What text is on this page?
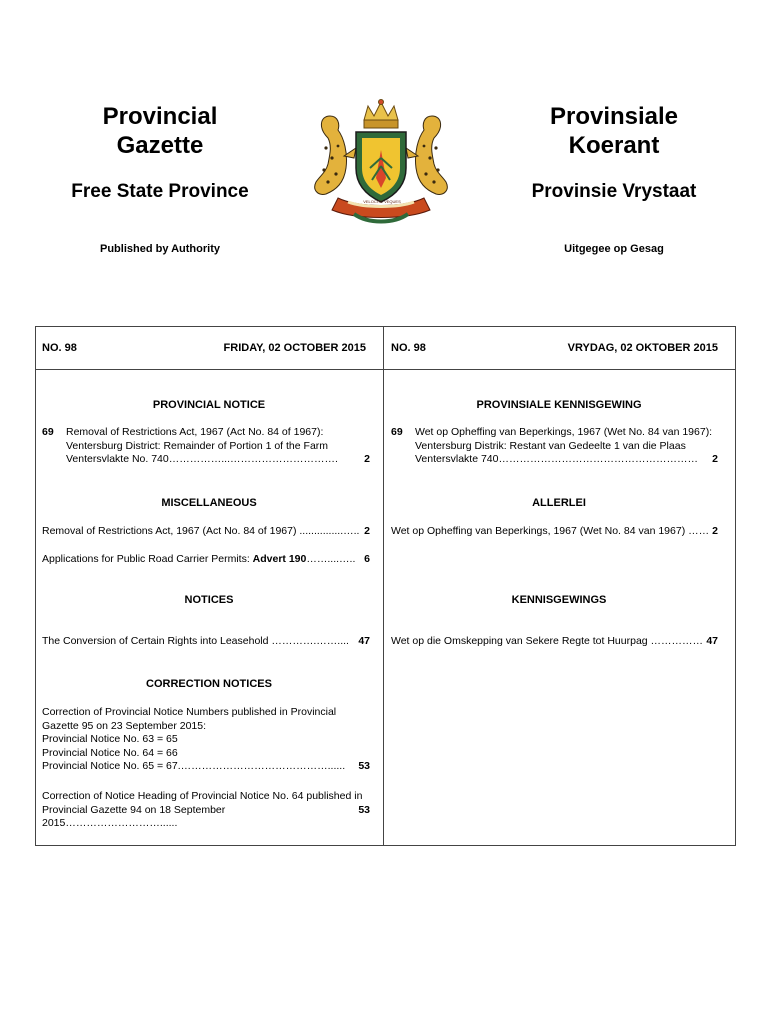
Provincial
Gazette
Free State Province
Published by Authority
Provinsiale
Koerant
Provinsie Vrystaat
Uitgegee op Gesag
VELOCITE VEQUES
NO. 98	FRIDAY, 02 OCTOBER 2015 NO. 98	VRYDAG, 02 OKTOBER 2015
PROVINCIAL NOTICE
69 Removal of Restrictions Act, 1967 (Act No. 84 of 1967):
Ventersburg District: Remainder of Portion 1 of the Farm
Ventersvlakte No. 740……………...………………………….	2
MISCELLANEOUS
Removal of Restrictions Act, 1967 (Act No. 84 of 1967) ...............….. 2
Applications for Public Road Carrier Permits: Advert 190……....….. 6
NOTICES
The Conversion of Certain Rights into Leasehold ………….…….... 47
CORRECTION NOTICES
Correction of Provincial Notice Numbers published in Provincial
Gazette 95 on 23 September 2015:
Provincial Notice No. 63 = 65
Provincial Notice No. 64 = 66
Provincial Notice No. 65 = 67.……………………………………......	53
Correction of Notice Heading of Provincial Notice No. 64 published in
Provincial Gazette 94 on 18 September 2015………………………......
53
PROVINSIALE KENNISGEWING
69 Wet op Opheffing van Beperkings, 1967 (Wet No. 84 van 1967):
Ventersburg Distrik: Restant van Gedeelte 1 van die Plaas
Ventersvlakte 740…………………………………………………	2
ALLERLEI
Wet op Opheffing van Beperkings, 1967 (Wet No. 84 van 1967) …… 2
KENNISGEWINGS
Wet op die Omskepping van Sekere Regte tot Huurpag …………… 47
